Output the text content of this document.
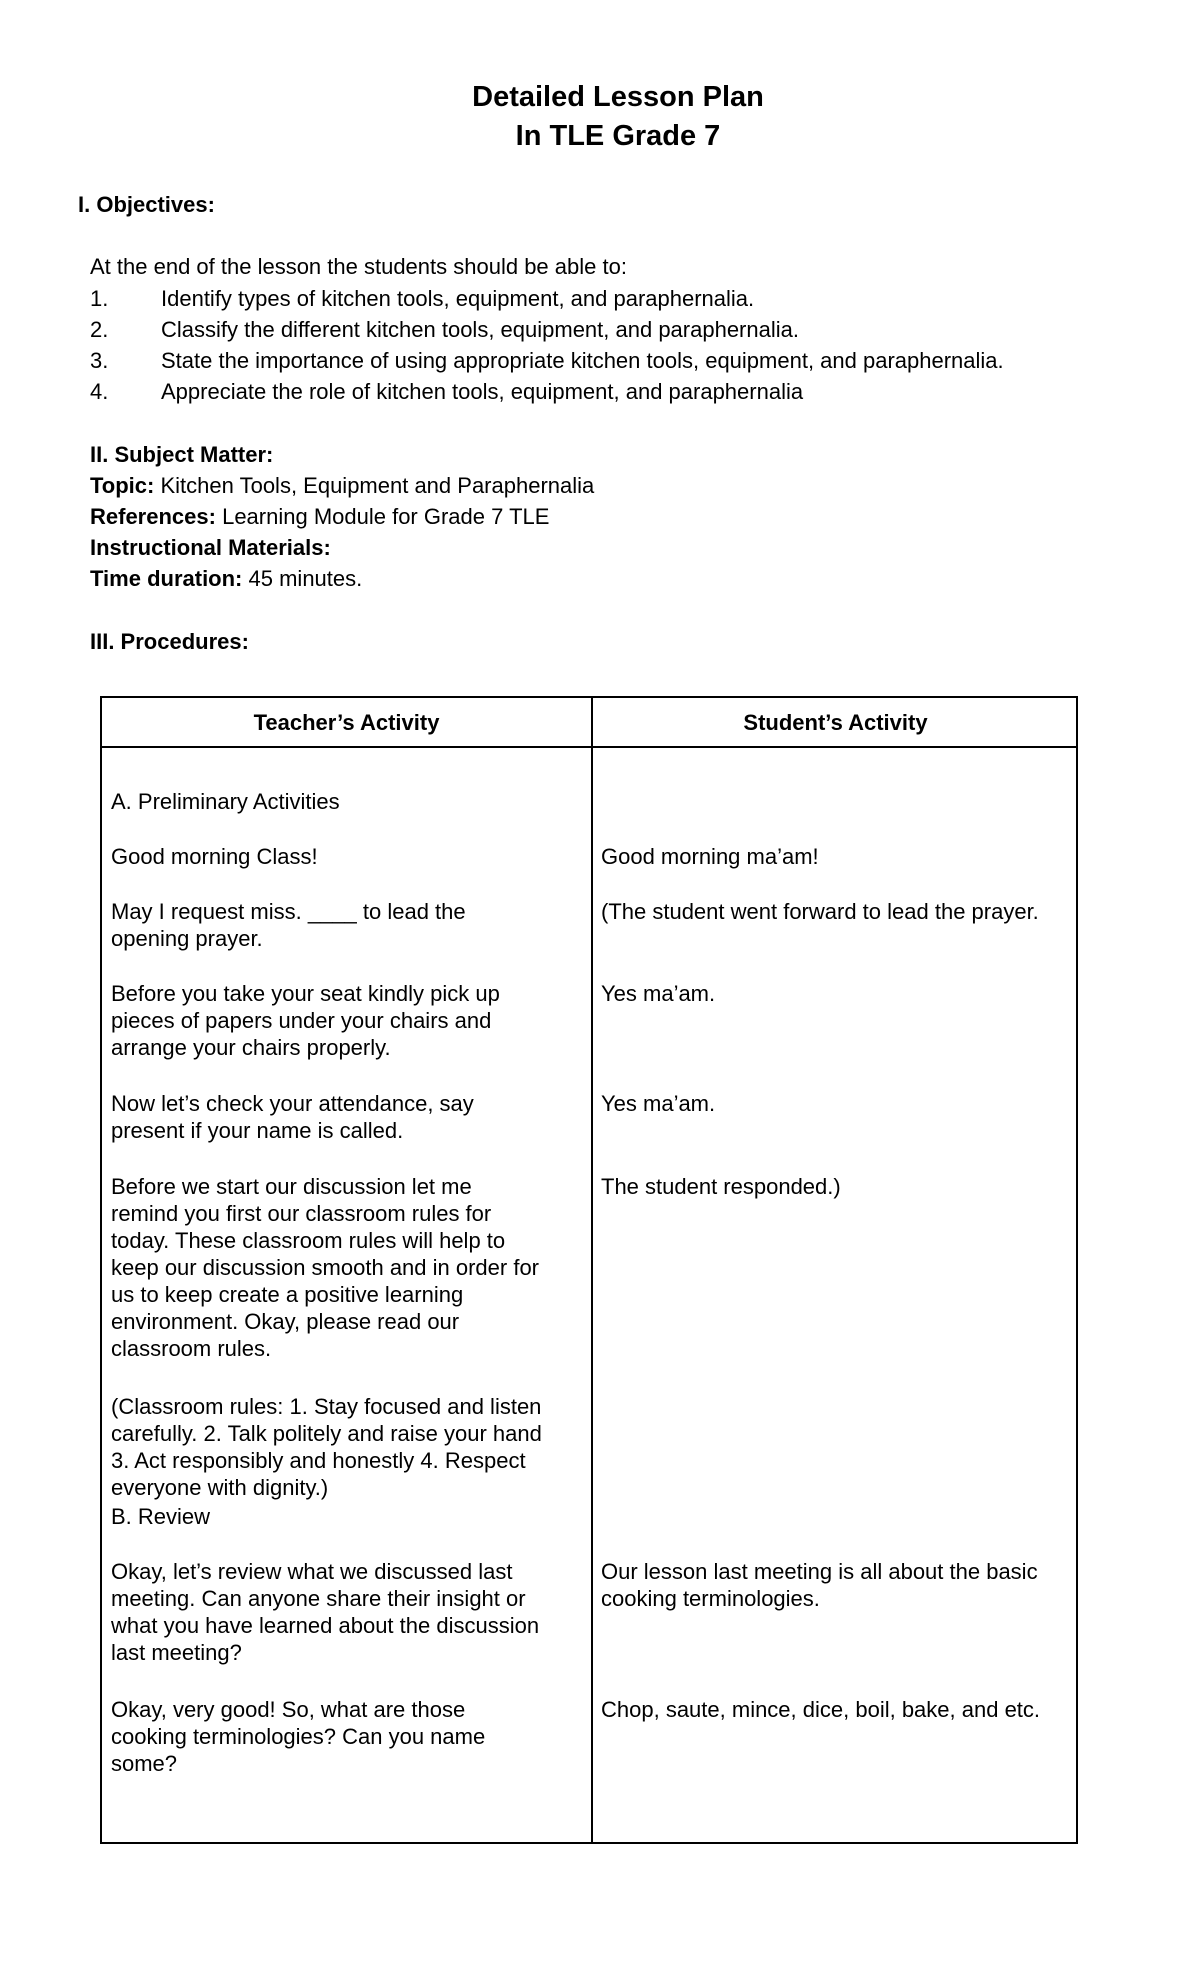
Detailed Lesson Plan
In TLE Grade 7
I. Objectives:
At the end of the lesson the students should be able to:
1. Identify types of kitchen tools, equipment, and paraphernalia.
2. Classify the different kitchen tools, equipment, and paraphernalia.
3. State the importance of using appropriate kitchen tools, equipment, and paraphernalia.
4. Appreciate the role of kitchen tools, equipment, and paraphernalia
II. Subject Matter:
Topic: Kitchen Tools, Equipment and Paraphernalia
References: Learning Module for Grade 7 TLE
Instructional Materials:
Time duration: 45 minutes.
III. Procedures:
Teacher’s Activity	Student’s Activity
A. Preliminary Activities
Good morning Class!
May I request miss. ____ to lead the
opening prayer.
Before you take your seat kindly pick up
pieces of papers under your chairs and
arrange your chairs properly.
Now let’s check your attendance, say
present if your name is called.
Before we start our discussion let me
remind you first our classroom rules for
today. These classroom rules will help to
keep our discussion smooth and in order for
us to keep create a positive learning
environment. Okay, please read our
classroom rules.
(Classroom rules: 1. Stay focused and listen
carefully. 2. Talk politely and raise your hand
3. Act responsibly and honestly 4. Respect
everyone with dignity.)
B. Review
Okay, let’s review what we discussed last
meeting. Can anyone share their insight or
what you have learned about the discussion
last meeting?
Okay, very good! So, what are those
cooking terminologies? Can you name
some?
Good morning ma’am!
(The student went forward to lead the prayer.
Yes ma’am.
Yes ma’am.
The student responded.)
Our lesson last meeting is all about the basic
cooking terminologies.
Chop, saute, mince, dice, boil, bake, and etc.
